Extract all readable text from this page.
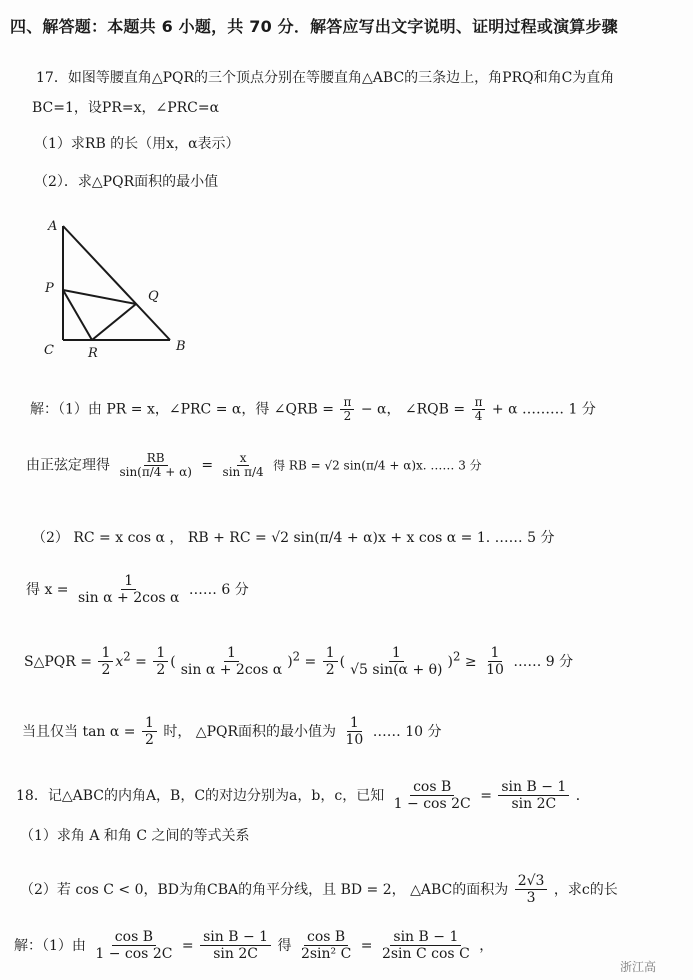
四、解答题：本题共 6 小题，共 70 分．解答应写出文字说明、证明过程或演算步骤
17．如图等腰直角△PQR的三个顶点分别在等腰直角△ABC的三条边上，角PRQ和角C为直角
BC=1，设PR=x，∠PRC=α
（1）求RB 的长（用x，α表示）
（2）．求△PQR面积的最小值
A
P
Q
C	R	B
解：（1）由 PR = x，∠PRC = α，得 ∠QRB = $\frac{\pi}{2} - \alpha$， ∠RQB = $\frac{\pi}{4} + \alpha$ ……… 1 分
由正弦定理得 $\frac{RB}{\sin(\pi/4 + \alpha)} = \frac{x}{\text{sin π/4}}$ 得 RB = √2 sin(π/4 + α)x. …… 3 分
（2） RC = x cos α ， RB + RC = √2 sin(π/4 + α)x + x cos α = 1. …… 5 分
得 $x = \frac{1}{\text{sin α + 2cos α}}$ …… 6 分
S△PQR = $\frac{1}{2} x^2 = \frac{1}{2}$ ( $\frac{1}{\text{sin α + 2cos α}} )^2 = \frac{1}{2}$ ( $\frac{1}{√5 \sin(\alpha + \theta)} )^2 \ge \frac{1}{10}$ …… 9 分
当且仅当 $\tan \alpha = \frac{1}{2}$ 时， △PQR面积的最小值为 $\frac{1}{10}$ …… 10 分
18．记△ABC的内角A，B，C的对边分别为a，b，c，已知 $\frac{\text{cos B}}{1 - \cos 2C} = \frac{\text{sin B − 1}}{\sin 2C}$ ．
（1）求角 A 和角 C 之间的等式关系
（2）若 cos C < 0，BD为角CBA的角平分线，且 BD = 2， △ABC的面积为 $\frac{2√3}{3}$ ，求c的长
解：（1）由 $\frac{\text{cos B}}{1 - \cos 2C} = \frac{\text{sin B − 1}}{\sin 2C}$ 得 $\frac{\text{cos B}}{\text{2sin² C}} = \frac{\text{sin B − 1}}{\text{2sin C cos C}}$ ，
浙江高
